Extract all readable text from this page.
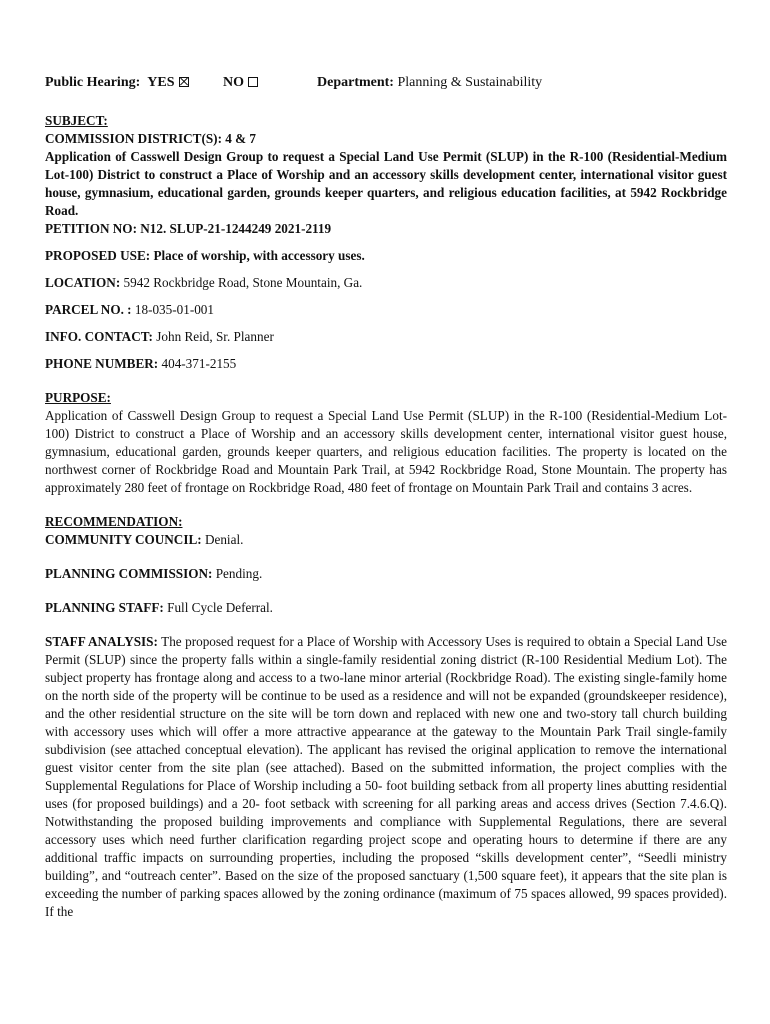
Public Hearing: YES	NO	Department: Planning & Sustainability

SUBJECT:

COMMISSION DISTRICT(S): 4 & 7

Application of Casswell Design Group to request a Special Land Use Permit (SLUP) in the R-100 (Residential-Medium Lot-100) District to construct a Place of Worship and an accessory skills development center, international visitor guest house, gymnasium, educational garden, grounds keeper quarters, and religious education facilities, at 5942 Rockbridge Road.

PETITION NO: N12. SLUP-21-1244249 2021-2119

PROPOSED USE: Place of worship, with accessory uses.

LOCATION: 5942 Rockbridge Road, Stone Mountain, Ga.

PARCEL NO. : 18-035-01-001

INFO. CONTACT: John Reid, Sr. Planner

PHONE NUMBER: 404-371-2155

PURPOSE:

Application of Casswell Design Group to request a Special Land Use Permit (SLUP) in the R-100 (Residential-Medium Lot-100) District to construct a Place of Worship and an accessory skills development center, international visitor guest house, gymnasium, educational garden, grounds keeper quarters, and religious education facilities. The property is located on the northwest corner of Rockbridge Road and Mountain Park Trail, at 5942 Rockbridge Road, Stone Mountain. The property has approximately 280 feet of frontage on Rockbridge Road, 480 feet of frontage on Mountain Park Trail and contains 3 acres.

RECOMMENDATION:

COMMUNITY COUNCIL: Denial.

PLANNING COMMISSION: Pending.

PLANNING STAFF: Full Cycle Deferral.

STAFF ANALYSIS: The proposed request for a Place of Worship with Accessory Uses is required to obtain a Special Land Use Permit (SLUP) since the property falls within a single-family residential zoning district (R-100 Residential Medium Lot). The subject property has frontage along and access to a two-lane minor arterial (Rockbridge Road). The existing single-family home on the north side of the property will be continue to be used as a residence and will not be expanded (groundskeeper residence), and the other residential structure on the site will be torn down and replaced with new one and two-story tall church building with accessory uses which will offer a more attractive appearance at the gateway to the Mountain Park Trail single-family subdivision (see attached conceptual elevation). The applicant has revised the original application to remove the international guest visitor center from the site plan (see attached). Based on the submitted information, the project complies with the Supplemental Regulations for Place of Worship including a 50- foot building setback from all property lines abutting residential uses (for proposed buildings) and a 20- foot setback with screening for all parking areas and access drives (Section 7.4.6.Q). Notwithstanding the proposed building improvements and compliance with Supplemental Regulations, there are several accessory uses which need further clarification regarding project scope and operating hours to determine if there are any additional traffic impacts on surrounding properties, including the proposed “skills development center”, “Seedli ministry building”, and “outreach center”. Based on the size of the proposed sanctuary (1,500 square feet), it appears that the site plan is exceeding the number of parking spaces allowed by the zoning ordinance (maximum of 75 spaces allowed, 99 spaces provided). If the
